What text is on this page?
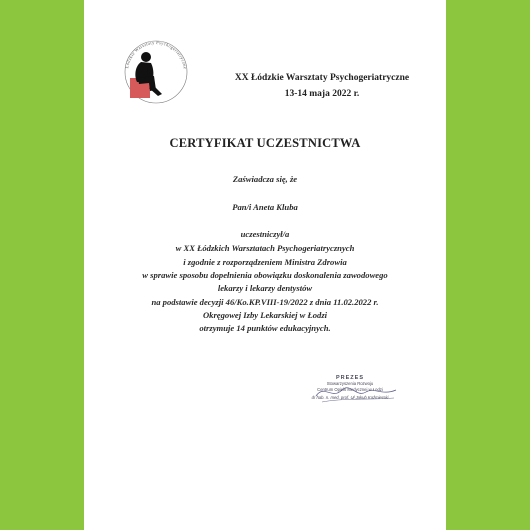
Łódzkie Warsztaty Psychogeriatryczne
XX Łódzkie Warsztaty Psychogeriatryczne
13-14 maja 2022 r.
CERTYFIKAT UCZESTNICTWA
Zaświadcza się, że
Pan/i Aneta Kluba
uczestniczył/a
w XX Łódzkich Warsztatach Psychogeriatrycznych
i zgodnie z rozporządzeniem Ministra Zdrowia
w sprawie sposobu dopełnienia obowiązku doskonalenia zawodowego
lekarzy i lekarzy dentystów
na podstawie decyzji 46/Ko.KP.VIII-19/2022 z dnia 11.02.2022 r.
Okręgowej Izby Lekarskiej w Łodzi
otrzymuje 14 punktów edukacyjnych.
PREZES
Stowarzyszenia Rozwoju
Centrum Opieki Medycznej w Łodzi
dr hab. n. med. prof. Uł Jakub Kaźmierski
